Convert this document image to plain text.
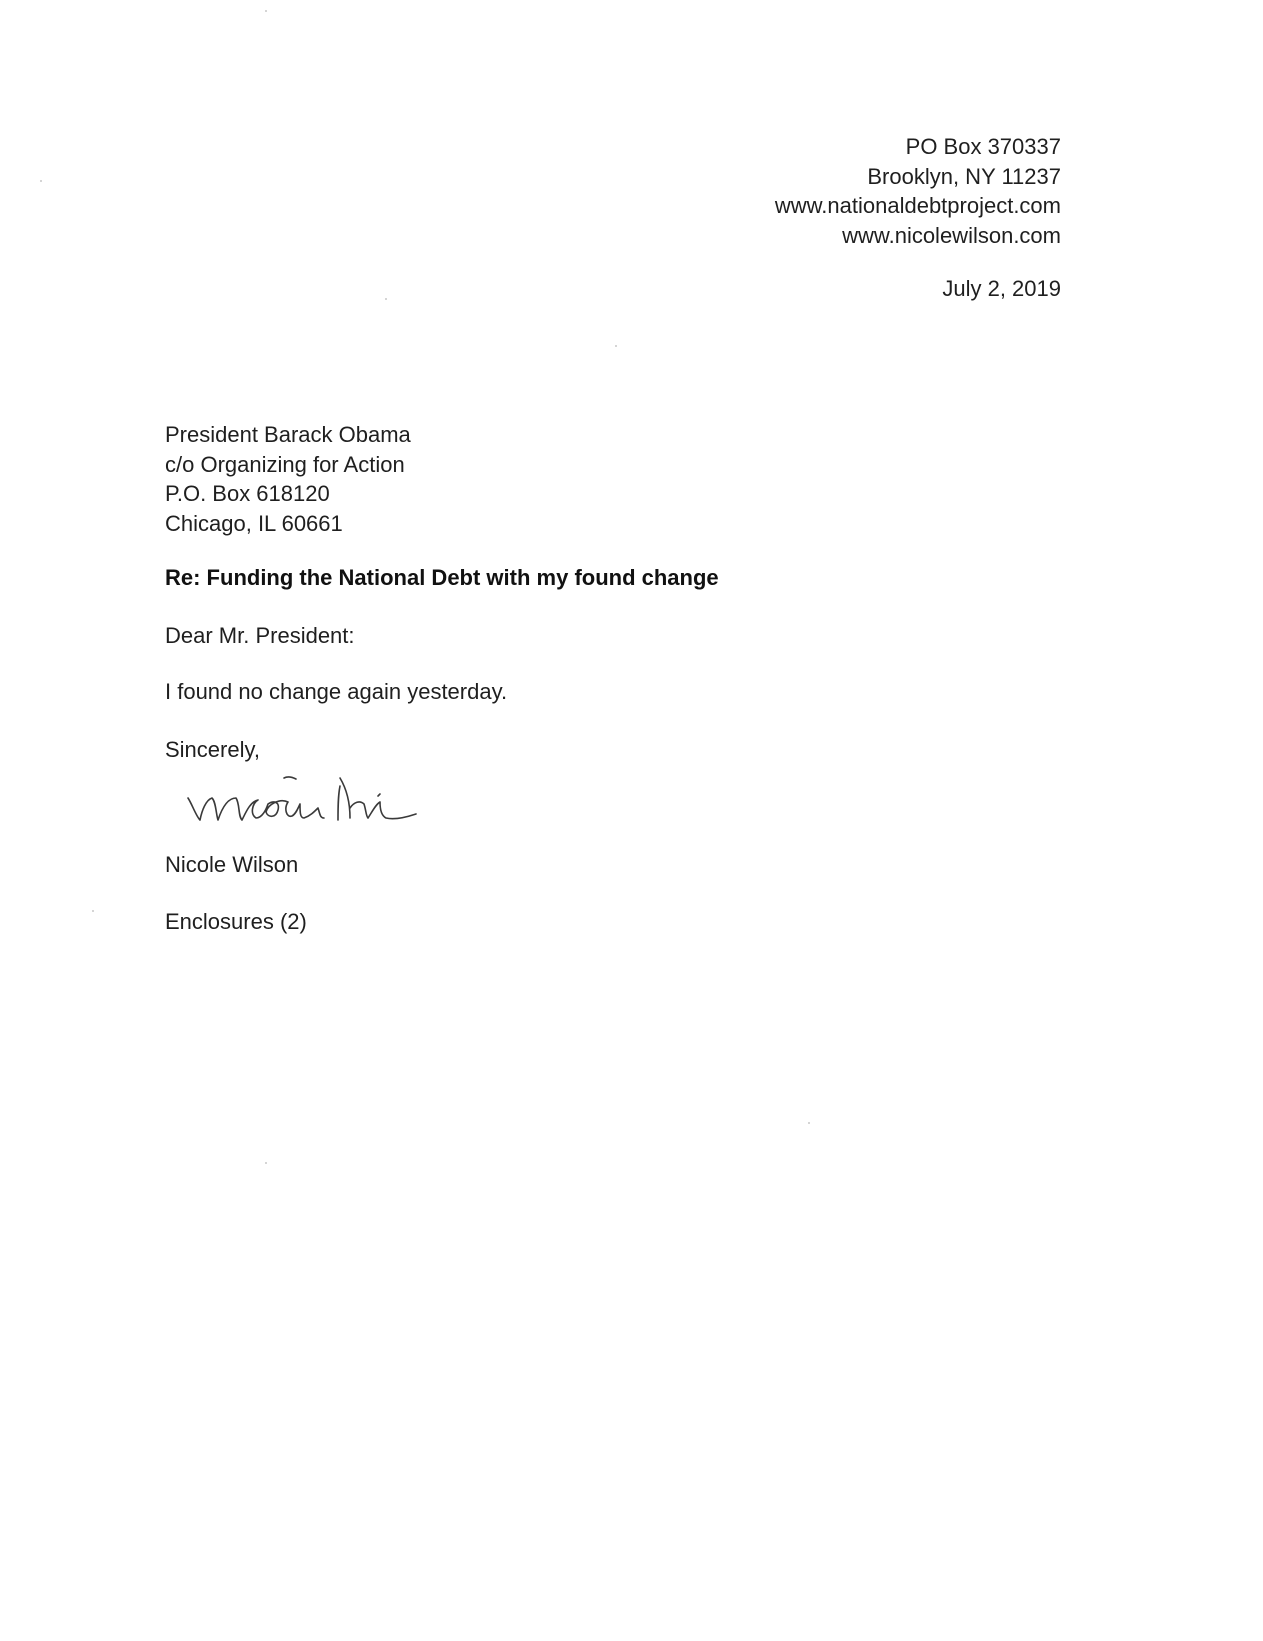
PO Box 370337
Brooklyn, NY 11237
www.nationaldebtproject.com
www.nicolewilson.com
July 2, 2019
President Barack Obama
c/o Organizing for Action
P.O. Box 618120
Chicago, IL 60661
Re: Funding the National Debt with my found change
Dear Mr. President:
I found no change again yesterday.
Sincerely,
Nicole Wilson
Enclosures (2)
